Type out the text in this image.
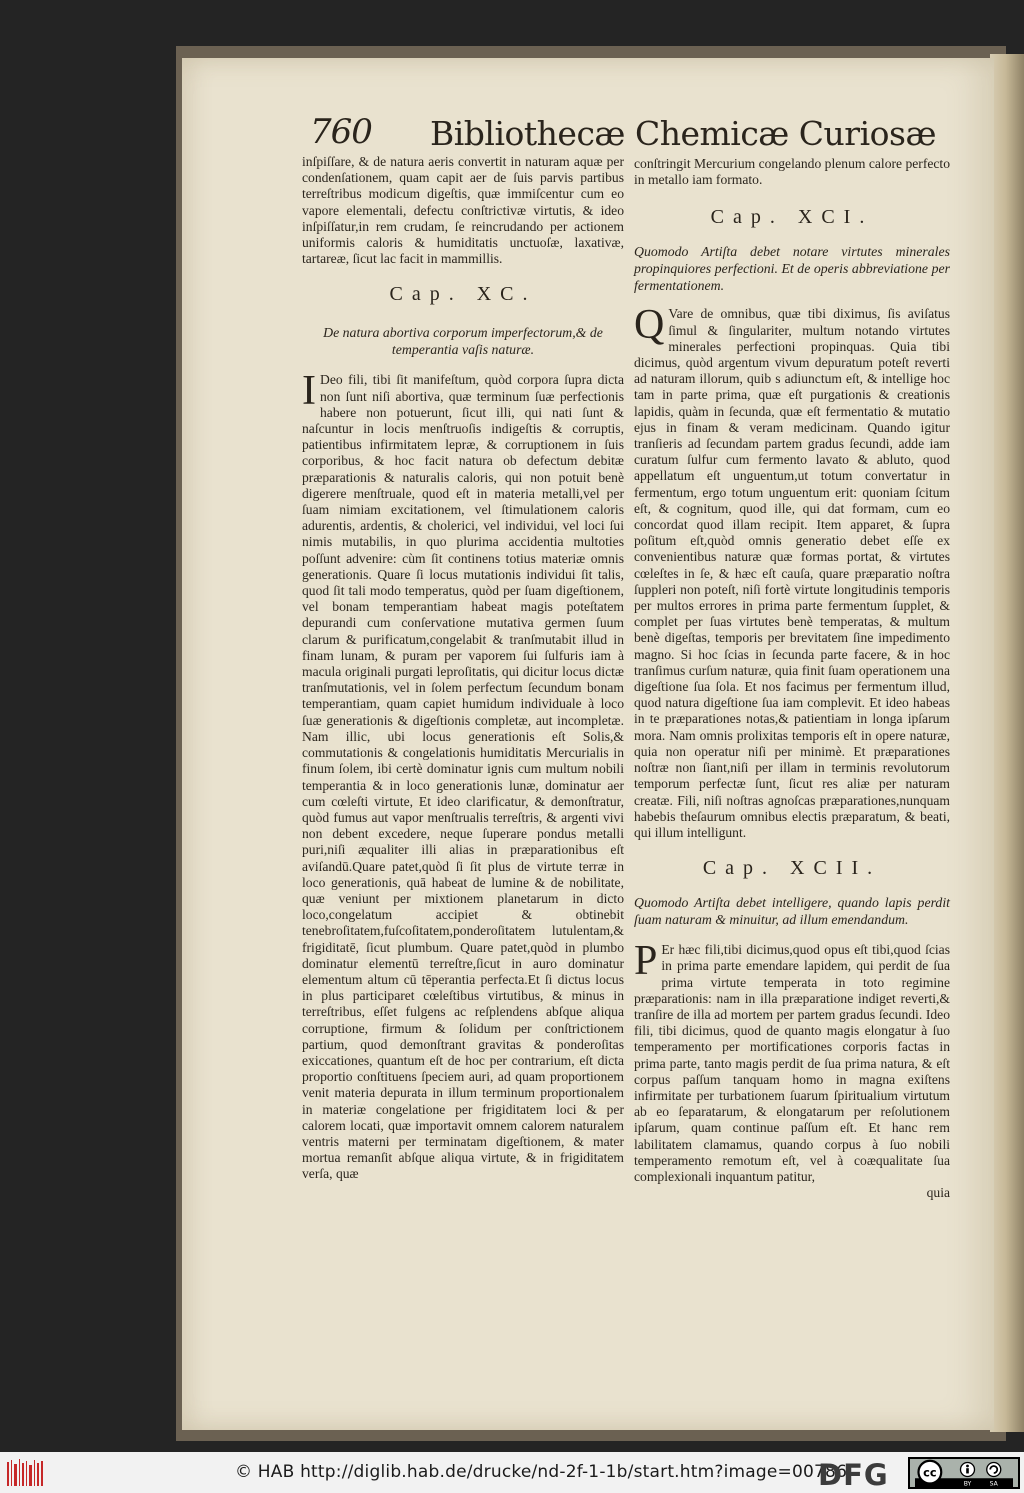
760 Bibliothecæ Chemicæ Curiosæ

inſpiſſare, & de natura aeris convertit in naturam aquæ per condenſationem, quam capit aer de ſuis parvis partibus terreſtribus modicum digeſtis, quæ immiſcentur cum eo vapore elementali, defectu conſtrictivæ virtutis, & ideo inſpiſſatur,in rem crudam, ſe reincrudando per actionem uniformis caloris & humiditatis unctuoſæ, laxativæ, tartareæ, ſicut lac facit in mammillis.

Cap. XC.

De natura abortiva corporum imperfectorum,& de temperantia vaſis naturæ.

I Deo fili, tibi ſit manifeſtum, quòd corpora ſupra dicta non ſunt niſi abortiva, quæ terminum ſuæ perfectionis habere non potuerunt, ſicut illi, qui nati ſunt & naſcuntur in locis menſtruoſis indigeſtis & corruptis, patientibus infirmitatem lepræ, & corruptionem in ſuis corporibus, & hoc facit natura ob defectum debitæ præparationis & naturalis caloris, qui non potuit benè digerere menſtruale, quod eſt in materia metalli,vel per ſuam nimiam excitationem, vel ſtimulationem caloris adurentis, ardentis, & cholerici, vel individui, vel loci ſui nimis mutabilis, in quo plurima accidentia multoties poſſunt advenire: cùm ſit continens totius materiæ omnis generationis. Quare ſi locus mutationis individui ſit talis, quod ſit tali modo temperatus, quòd per ſuam digeſtionem, vel bonam temperantiam habeat magis poteſtatem depurandi cum conſervatione mutativa germen ſuum clarum & purificatum,congelabit & tranſmutabit illud in finam lunam, & puram per vaporem ſui ſulfuris iam à macula originali purgati leproſitatis, qui dicitur locus dictæ tranſmutationis, vel in ſolem perfectum ſecundum bonam temperantiam, quam capiet humidum individuale à loco ſuæ generationis & digeſtionis completæ, aut incompletæ. Nam illic, ubi locus generationis eſt Solis,& commutationis & congelationis humiditatis Mercurialis in finum ſolem, ibi certè dominatur ignis cum multum nobili temperantia & in loco generationis lunæ, dominatur aer cum cœleſti virtute, Et ideo clarificatur, & demonſtratur, quòd fumus aut vapor menſtrualis terreſtris, & argenti vivi non debent excedere, neque ſuperare pondus metalli puri,niſi æqualiter illi alias in præparationibus eſt aviſandū.Quare patet,quòd ſi ſit plus de virtute terræ in loco generationis, quā habeat de lumine & de nobilitate, quæ veniunt per mixtionem planetarum in dicto loco,congelatum accipiet & obtinebit tenebroſitatem,fuſcoſitatem,ponderoſitatem lutulentam,& frigiditatē, ſicut plumbum. Quare patet,quòd in plumbo dominatur elementū terreſtre,ſicut in auro dominatur elementum altum cū tēperantia perfecta.Et ſi dictus locus in plus participaret cœleſtibus virtutibus, & minus in terreſtribus, eſſet fulgens ac reſplendens abſque aliqua corruptione, firmum & ſolidum per conſtrictionem partium, quod demonſtrant gravitas & ponderoſitas exiccationes, quantum eſt de hoc per contrarium, eſt dicta proportio conſtituens ſpeciem auri, ad quam proportionem venit materia depurata in illum terminum proportionalem in materiæ congelatione per frigiditatem loci & per calorem locati, quæ importavit omnem calorem naturalem ventris materni per terminatam digeſtionem, & mater mortua remanſit abſque aliqua virtute, & in frigiditatem verſa, quæ

conſtringit Mercurium congelando plenum calore perfecto in metallo iam formato.

Cap. XCI.

Quomodo Artiſta debet notare virtutes minerales propinquiores perfectioni. Et de operis abbreviatione per fermentationem.

Q Vare de omnibus, quæ tibi diximus, ſis aviſatus ſimul & ſingulariter, multum notando virtutes minerales perfectioni propinquas. Quia tibi dicimus, quòd argentum vivum depuratum poteſt reverti ad naturam illorum, quib s adiunctum eſt, & intellige hoc tam in parte prima, quæ eſt purgationis & creationis lapidis, quàm in ſecunda, quæ eſt fermentatio & mutatio ejus in finam & veram medicinam. Quando igitur tranſieris ad ſecundam partem gradus ſecundi, adde iam curatum ſulfur cum fermento lavato & abluto, quod appellatum eſt unguentum,ut totum convertatur in fermentum, ergo totum unguentum erit: quoniam ſcitum eſt, & cognitum, quod ille, qui dat formam, cum eo concordat quod illam recipit. Item apparet, & ſupra poſitum eſt,quòd omnis generatio debet eſſe ex convenientibus naturæ quæ formas portat, & virtutes cœleſtes in ſe, & hæc eſt cauſa, quare præparatio noſtra ſuppleri non poteſt, niſi fortè virtute longitudinis temporis per multos errores in prima parte fermentum ſupplet, & complet per ſuas virtutes benè temperatas, & multum benè digeſtas, temporis per brevitatem ſine impedimento magno. Si hoc ſcias in ſecunda parte facere, & in hoc tranſimus curſum naturæ, quia finit ſuam operationem una digeſtione ſua ſola. Et nos facimus per fermentum illud, quod natura digeſtione ſua iam complevit. Et ideo habeas in te præparationes notas,& patientiam in longa ipſarum mora. Nam omnis prolixitas temporis eſt in opere naturæ, quia non operatur niſi per minimè. Et præparationes noſtræ non ſiant,niſi per illam in terminis revolutorum temporum perfectæ ſunt, ſicut res aliæ per naturam creatæ. Fili, niſi noſtras agnoſcas præparationes,nunquam habebis theſaurum omnibus electis præparatum, & beati, qui illum intelligunt.

Cap. XCII.

Quomodo Artiſta debet intelligere, quando lapis perdit ſuam naturam & minuitur, ad illum emendandum.

P Er hæc fili,tibi dicimus,quod opus eſt tibi,quod ſcias in prima parte emendare lapidem, qui perdit de ſua prima virtute temperata in toto regimine præparationis: nam in illa præparatione indiget reverti,& tranſire de illa ad mortem per partem gradus ſecundi. Ideo fili, tibi dicimus, quod de quanto magis elongatur à ſuo temperamento per mortificationes corporis factas in prima parte, tanto magis perdit de ſua prima natura, & eſt corpus paſſum tanquam homo in magna exiſtens infirmitate per turbationem ſuarum ſpiritualium virtutum ab eo ſeparatarum, & elongatarum per reſolutionem ipſarum, quam continue paſſum eſt. Et hanc rem labilitatem clamamus, quando corpus à ſuo nobili temperamento remotum eſt, vel à coæqualitate ſua complexionali inquantum patitur,

quia

© HAB http://diglib.hab.de/drucke/nd-2f-1-1b/start.htm?image=00786
DFG	cc
BY	SA
